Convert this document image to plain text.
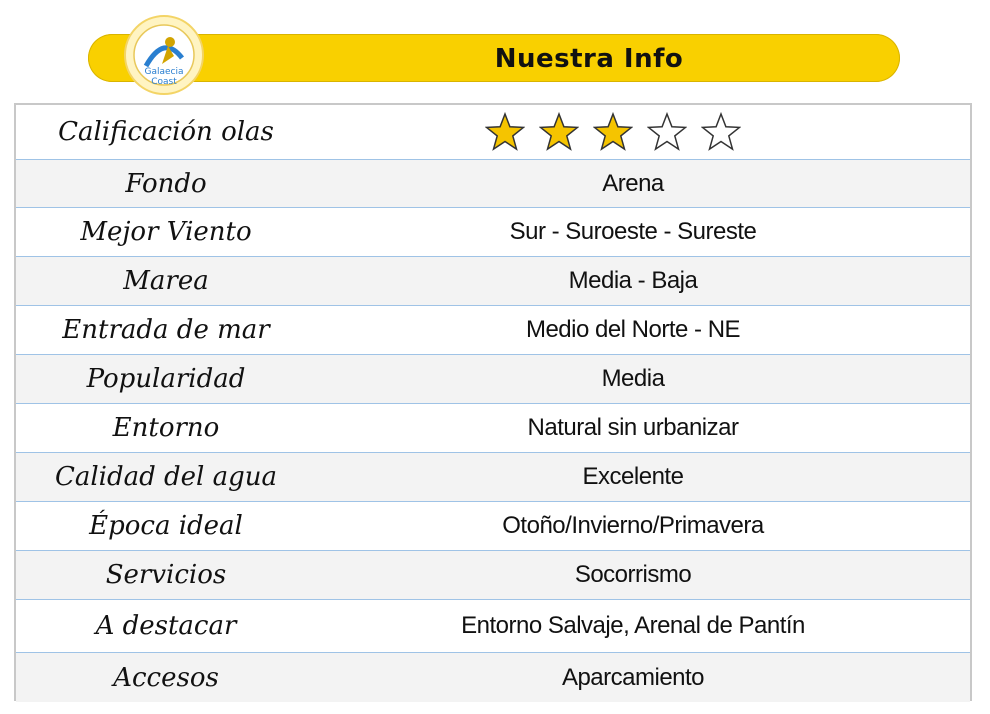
Nuestra Info
Galaecia
Coast
Calificación olas
Fondo	Arena
Mejor Viento	Sur - Suroeste - Sureste
Marea	Media - Baja
Entrada de mar	Medio del Norte - NE
Popularidad	Media
Entorno	Natural sin urbanizar
Calidad del agua	Excelente
Época ideal	Otoño/Invierno/Primavera
Servicios	Socorrismo
A destacar	Entorno Salvaje, Arenal de Pantín
Accesos	Aparcamiento
